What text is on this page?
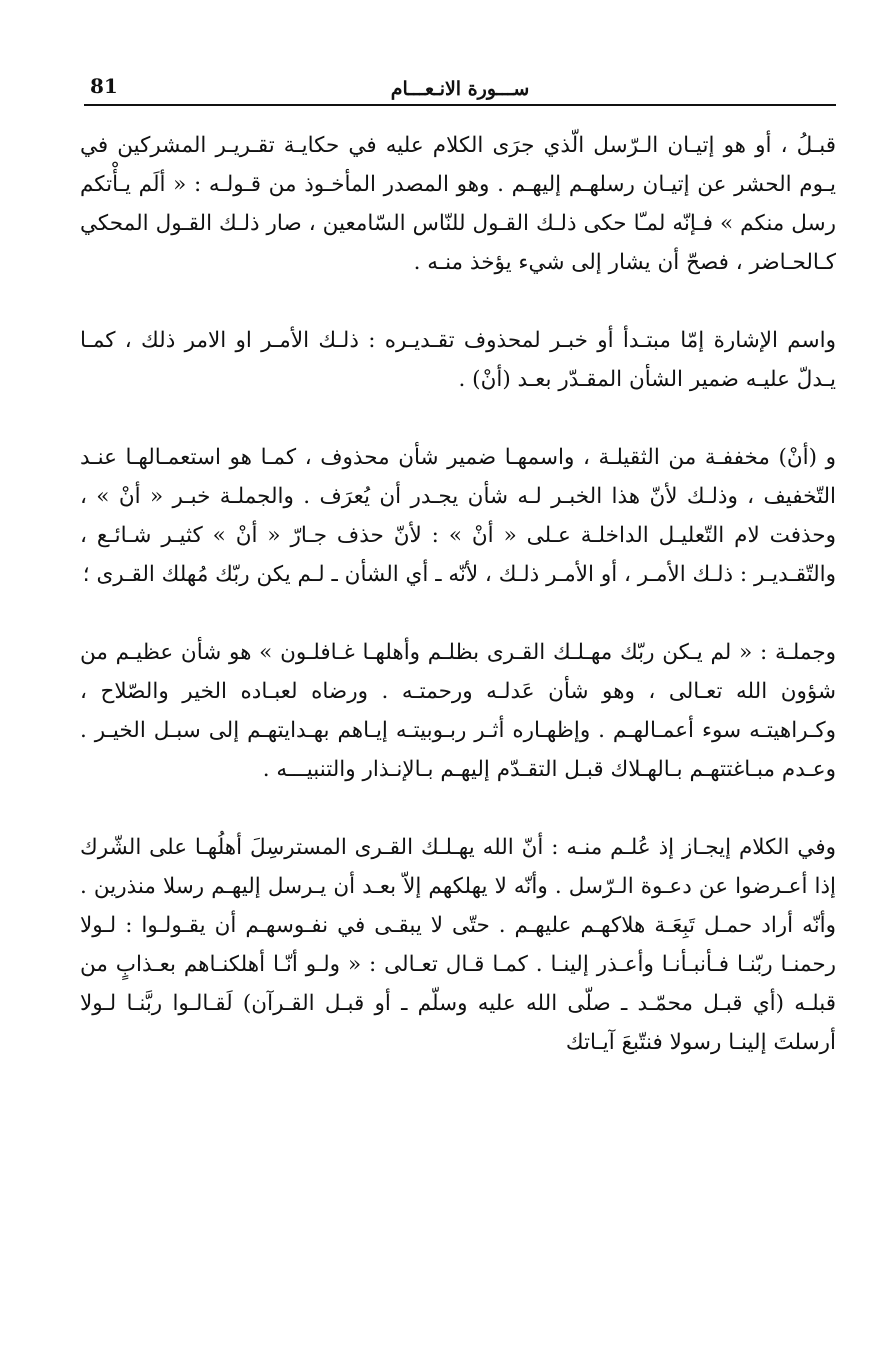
81	ســـورة الانـعـــام

قبـلُ ، أو هو إتيـان الـرّسل الّذي جرَى الكلام عليه في حكايـة تقـريـر المشركين في يـوم الحشر عن إتيـان رسلهـم إليهـم . وهو المصدر المأخـوذ من قـولـه : « ألَم يـأْتكم رسل منكم » فـإنّه لمـّا حكى ذلـك القـول للنّاس السّامعين ، صار ذلـك القـول المحكي كـالحـاضر ، فصحّ أن يشار إلى شيء يؤخذ منـه .

واسم الإشارة إمّا مبتـدأ أو خبـر لمحذوف تقـديـره : ذلـك الأمـر او الامر ذلك ، كمـا يـدلّ عليـه ضمير الشأن المقـدّر بعـد (أنْ) .

و (أنْ) مخففـة من الثقيلـة ، واسمهـا ضمير شأن محذوف ، كمـا هو استعمـالهـا عنـد التّخفيف ، وذلـك لأنّ هذا الخبـر لـه شأن يجـدر أن يُعرَف . والجملـة خبـر « أنْ » ، وحذفت لام التّعليـل الداخلـة عـلى « أنْ » : لأنّ حذف جـارّ « أنْ » كثيـر شـائـع ، والتّقـديـر : ذلـك الأمـر ، أو الأمـر ذلـك ، لأنّه ـ أي الشأن ـ لـم يكن ربّك مُهلك القـرى ؛

وجملـة : « لم يـكن ربّك مهـلـك القـرى بظلـم وأهلهـا غـافلـون » هو شأن عظيـم من شؤون الله تعـالى ، وهو شأن عَدلـه ورحمتـه . ورضاه لعبـاده الخير والصّلاح ، وكـراهيتـه سوء أعمـالهـم . وإظهـاره أثـر ربـوبيتـه إيـاهم بهـدايتهـم إلى سبـل الخيـر . وعـدم مبـاغتتهـم بـالهـلاك قبـل التقـدّم إليهـم بـالإنـذار والتنبيـــه .

وفي الكلام إيجـاز إذ عُلـم منـه : أنّ الله يهـلـك القـرى المسترسِلَ أهلُهـا على الشّرك إذا أعـرضوا عن دعـوة الـرّسل . وأنّه لا يهلكهم إلاّ بعـد أن يـرسل إليهـم رسلا منذرين . وأنّه أراد حمـل تَبِعَـة هلاكهـم عليهـم . حتّى لا يبقـى في نفـوسهـم أن يقـولـوا : لـولا رحمنـا ربّنـا فـأنبـأنـا وأعـذر إلينـا . كمـا قـال تعـالى : « ولـو أنّـا أهلكنـاهم بعـذابٍ من قبلـه (أي قبـل محمّـد ـ صلّى الله عليه وسلّم ـ أو قبـل القـرآن) لَقـالـوا ربَّنـا لـولا أرسلتَ إلينـا رسولا فنتّبعَ آيـاتك
